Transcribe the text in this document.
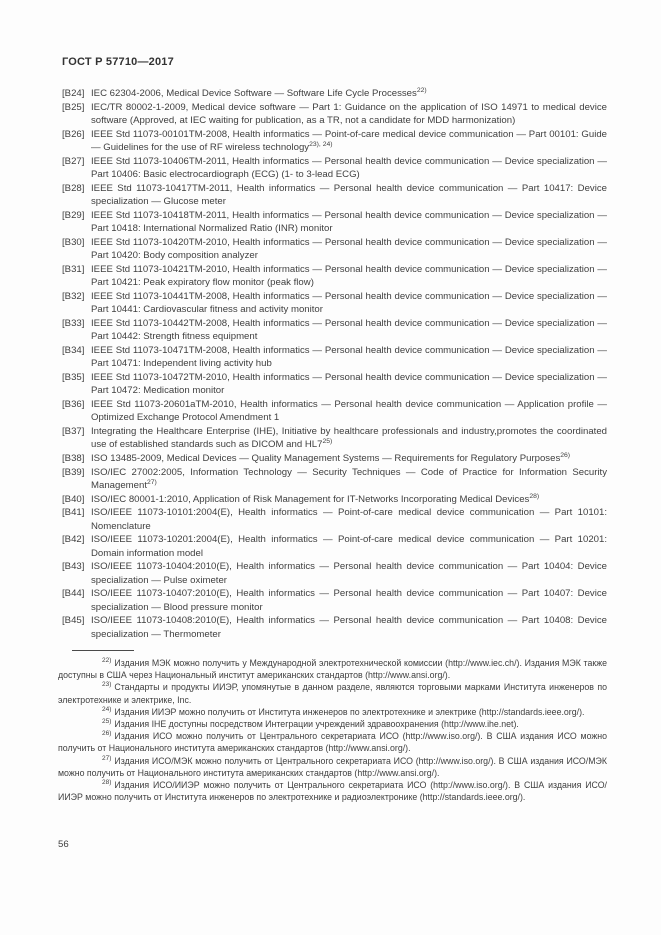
ГОСТ Р 57710—2017
[B24] IEC 62304-2006, Medical Device Software — Software Life Cycle Processes$^{22)}$
[B25] IEC/TR 80002-1-2009, Medical device software — Part 1: Guidance on the application of ISO 14971 to medical device software (Approved, at IEC waiting for publication, as a TR, not a candidate for MDD harmonization)
[B26] IEEE Std 11073-00101TM-2008, Health informatics — Point-of-care medical device communication — Part 00101: Guide — Guidelines for the use of RF wireless technology$^{23), 24)}$
[B27] IEEE Std 11073-10406TM-2011, Health informatics — Personal health device communication — Device specialization — Part 10406: Basic electrocardiograph (ECG) (1- to 3-lead ECG)
[B28] IEEE Std 11073-10417TM-2011, Health informatics — Personal health device communication — Part 10417: Device specialization — Glucose meter
[B29] IEEE Std 11073-10418TM-2011, Health informatics — Personal health device communication — Device specialization — Part 10418: International Normalized Ratio (INR) monitor
[B30] IEEE Std 11073-10420TM-2010, Health informatics — Personal health device communication — Device specialization — Part 10420: Body composition analyzer
[B31] IEEE Std 11073-10421TM-2010, Health informatics — Personal health device communication — Device specialization — Part 10421: Peak expiratory flow monitor (peak flow)
[B32] IEEE Std 11073-10441TM-2008, Health informatics — Personal health device communication — Device specialization — Part 10441: Cardiovascular fitness and activity monitor
[B33] IEEE Std 11073-10442TM-2008, Health informatics — Personal health device communication — Device specialization — Part 10442: Strength fitness equipment
[B34] IEEE Std 11073-10471TM-2008, Health informatics — Personal health device communication — Device specialization — Part 10471: Independent living activity hub
[B35] IEEE Std 11073-10472TM-2010, Health informatics — Personal health device communication — Device specialization — Part 10472: Medication monitor
[B36] IEEE Std 11073-20601aTM-2010, Health informatics — Personal health device communication — Application profile — Optimized Exchange Protocol Amendment 1
[B37] Integrating the Healthcare Enterprise (IHE), Initiative by healthcare professionals and industry,promotes the coordinated use of established standards such as DICOM and HL7$^{25)}$
[B38] ISO 13485-2009, Medical Devices — Quality Management Systems — Requirements for Regulatory Purposes$^{26)}$
[B39] ISO/IEC 27002:2005, Information Technology — Security Techniques — Code of Practice for Information Security Management$^{27)}$
[B40] ISO/IEC 80001-1:2010, Application of Risk Management for IT-Networks Incorporating Medical Devices$^{28)}$
[B41] ISO/IEEE 11073-10101:2004(E), Health informatics — Point-of-care medical device communication — Part 10101: Nomenclature
[B42] ISO/IEEE 11073-10201:2004(E), Health informatics — Point-of-care medical device communication — Part 10201: Domain information model
[B43] ISO/IEEE 11073-10404:2010(E), Health informatics — Personal health device communication — Part 10404: Device specialization — Pulse oximeter
[B44] ISO/IEEE 11073-10407:2010(E), Health informatics — Personal health device communication — Part 10407: Device specialization — Blood pressure monitor
[B45] ISO/IEEE 11073-10408:2010(E), Health informatics — Personal health device communication — Part 10408: Device specialization — Thermometer

$^{22)}$ Издания МЭК можно получить у Международной электротехнической комиссии (http://www.iec.ch/). Издания МЭК также доступны в США через Национальный институт американских стандартов (http://www.ansi.org/).

$^{23)}$ Стандарты и продукты ИИЭР, упомянутые в данном разделе, являются торговыми марками Института инженеров по электротехнике и электрике, Inc.

$^{24)}$ Издания ИИЭР можно получить от Института инженеров по электротехнике и электрике (http://standards.ieee.org/).

$^{25)}$ Издания IHE доступны посредством Интеграции учреждений здравоохранения (http://www.ihe.net).

$^{26)}$ Издания ИСО можно получить от Центрального секретариата ИСО (http://www.iso.org/). В США издания ИСО можно получить от Национального института американских стандартов (http://www.ansi.org/).

$^{27)}$ Издания ИСО/МЭК можно получить от Центрального секретариата ИСО (http://www.iso.org/). В США издания ИСО/МЭК можно получить от Национального института американских стандартов (http://www.ansi.org/).

$^{28)}$ Издания ИСО/ИИЭР можно получить от Центрального секретариата ИСО (http://www.iso.org/). В США издания ИСО/ИИЭР можно получить от Института инженеров по электротехнике и радиоэлектронике (http://standards.ieee.org/).

56
